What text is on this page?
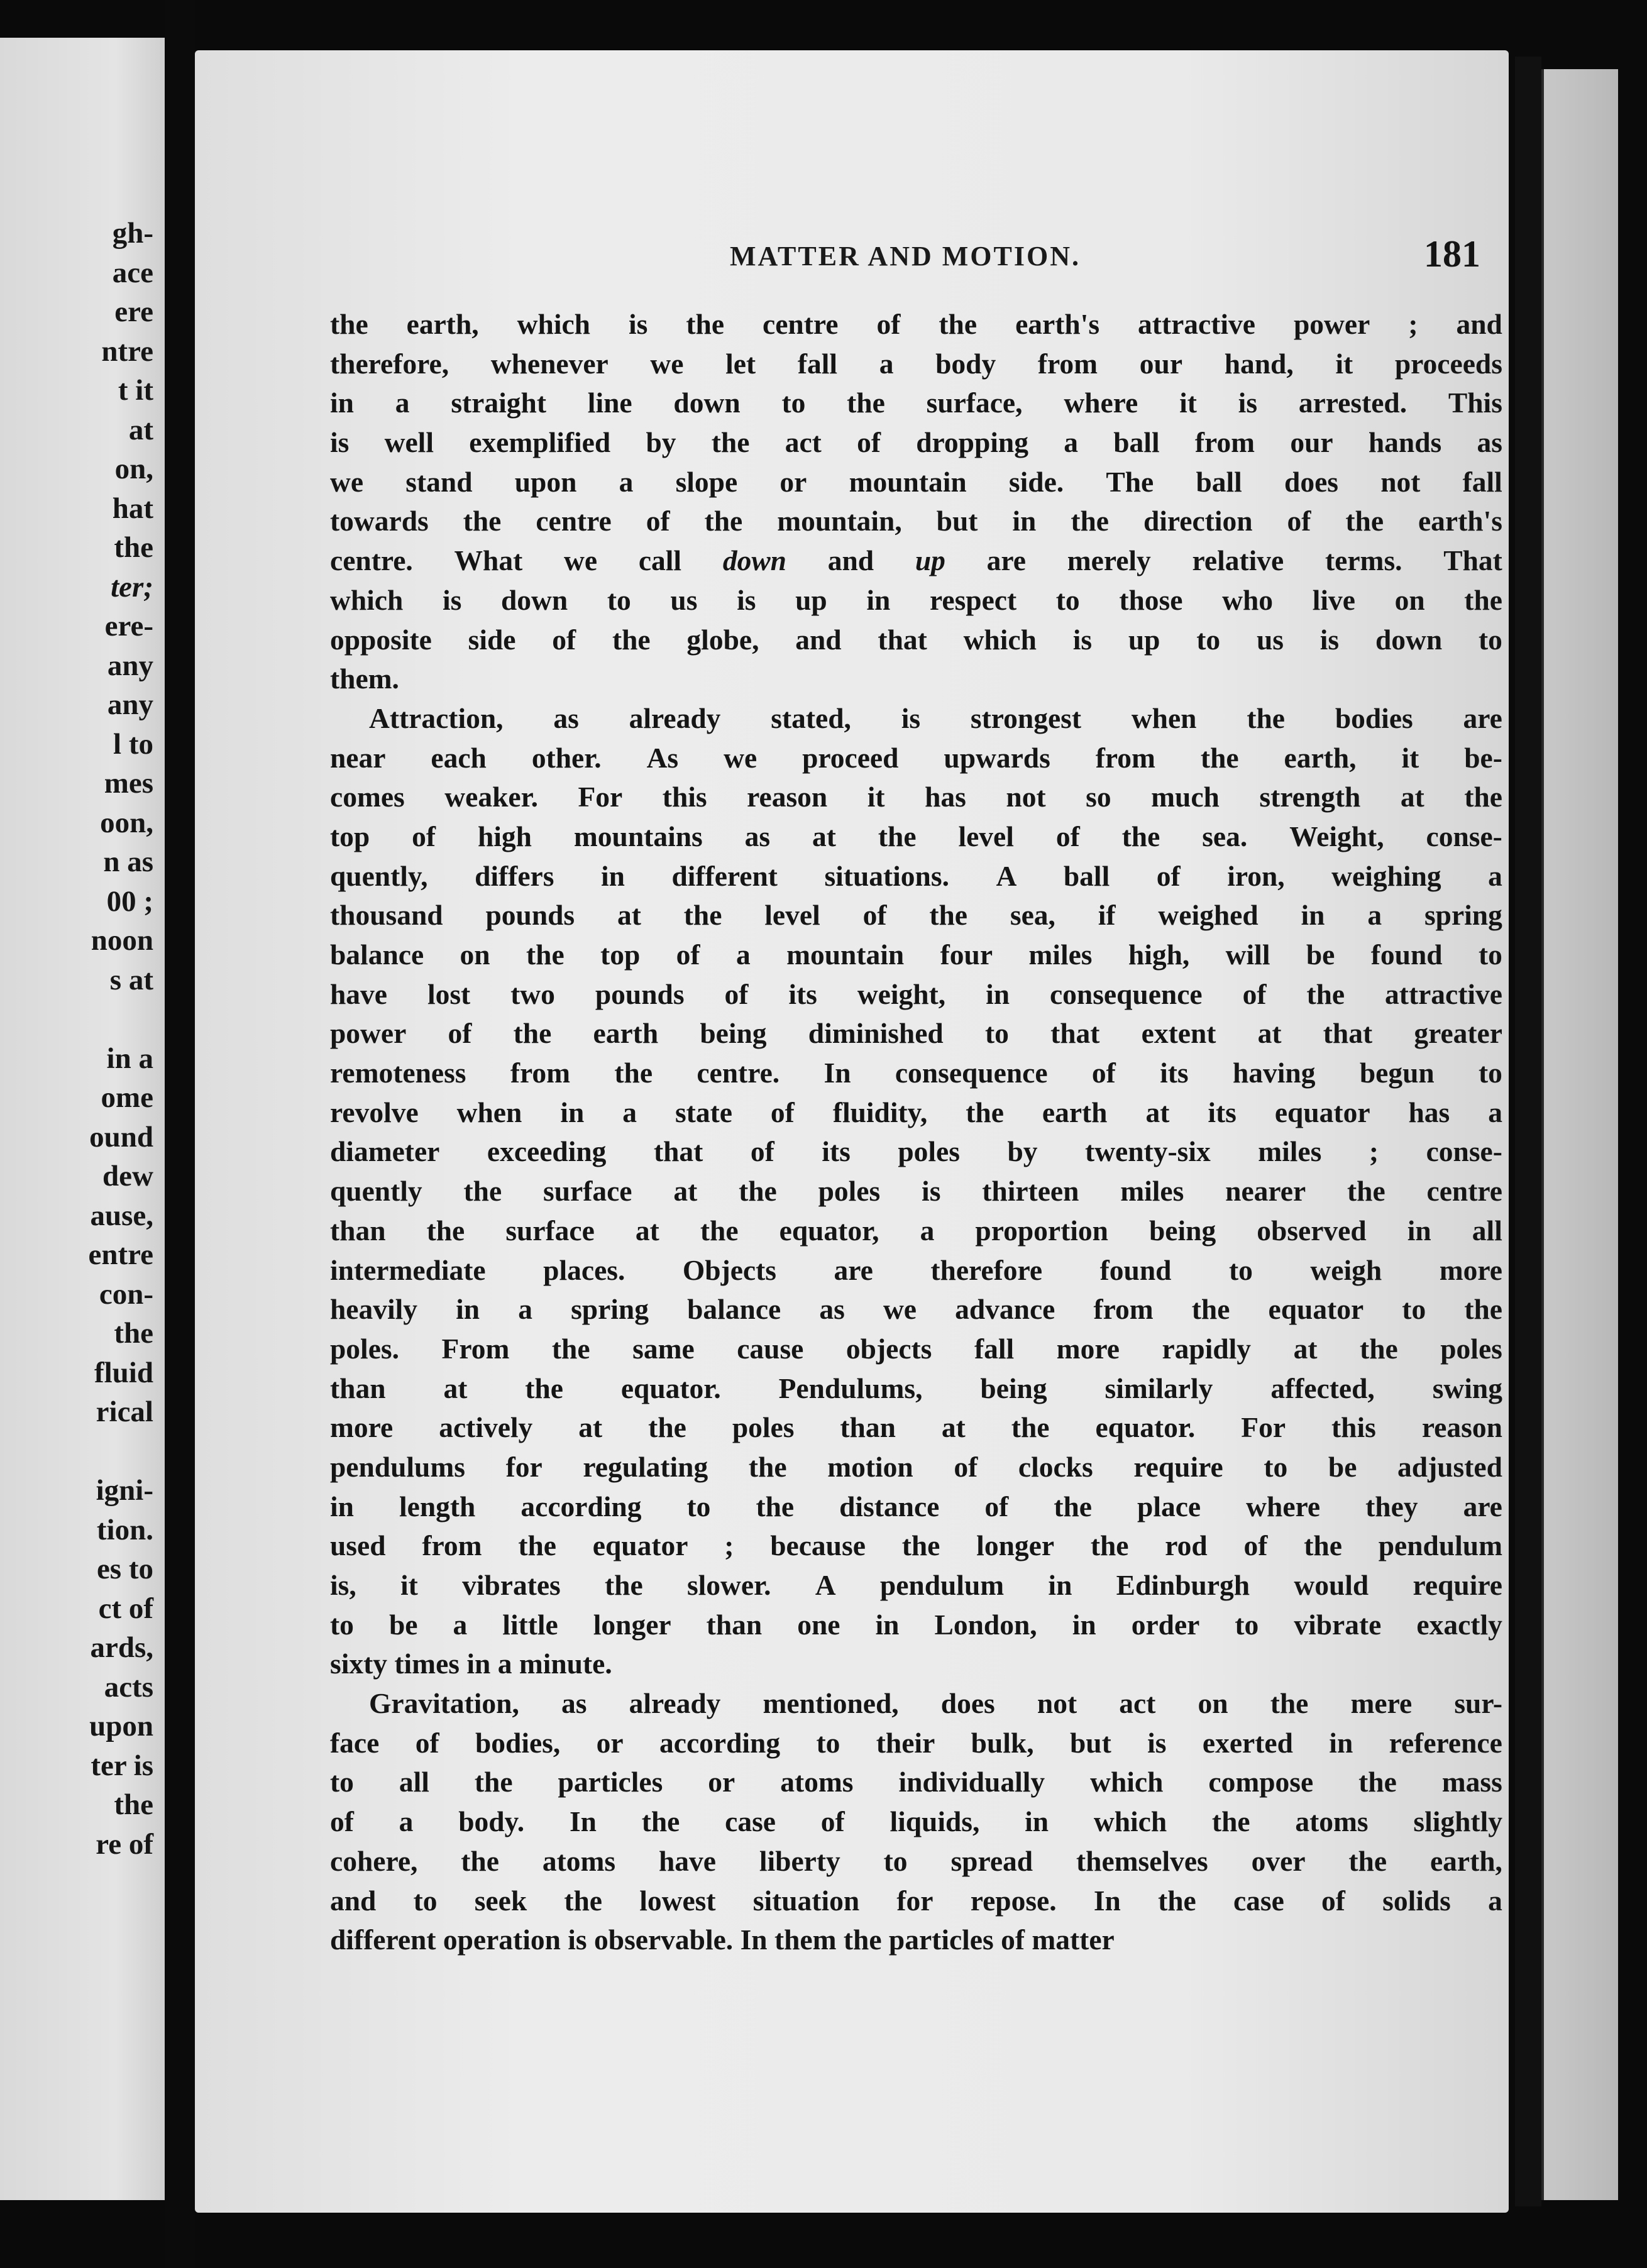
gh-
ace
ere
ntre
t it
at
on,
hat
the
ter;
ere-
any
any
l to
mes
oon,
n as
00 ;
noon
s at

in a
ome
ound
dew
ause,
entre
con-
the
fluid
rical

igni-
tion.
es to
ct of
ards,
acts
upon
ter is
the
re of
MATTER AND MOTION.	181
the earth, which is the centre of the earth's attractive power ; and
therefore, whenever we let fall a body from our hand, it proceeds
in a straight line down to the surface, where it is arrested. This
is well exemplified by the act of dropping a ball from our hands as
we stand upon a slope or mountain side. The ball does not fall
towards the centre of the mountain, but in the direction of the earth's
centre. What we call down and up are merely relative terms. That
which is down to us is up in respect to those who live on the
opposite side of the globe, and that which is up to us is down to
them.
Attraction, as already stated, is strongest when the bodies are
near each other. As we proceed upwards from the earth, it be-
comes weaker. For this reason it has not so much strength at the
top of high mountains as at the level of the sea. Weight, conse-
quently, differs in different situations. A ball of iron, weighing a
thousand pounds at the level of the sea, if weighed in a spring
balance on the top of a mountain four miles high, will be found to
have lost two pounds of its weight, in consequence of the attractive
power of the earth being diminished to that extent at that greater
remoteness from the centre. In consequence of its having begun to
revolve when in a state of fluidity, the earth at its equator has a
diameter exceeding that of its poles by twenty-six miles ; conse-
quently the surface at the poles is thirteen miles nearer the centre
than the surface at the equator, a proportion being observed in all
intermediate places. Objects are therefore found to weigh more
heavily in a spring balance as we advance from the equator to the
poles. From the same cause objects fall more rapidly at the poles
than at the equator. Pendulums, being similarly affected, swing
more actively at the poles than at the equator. For this reason
pendulums for regulating the motion of clocks require to be adjusted
in length according to the distance of the place where they are
used from the equator ; because the longer the rod of the pendulum
is, it vibrates the slower. A pendulum in Edinburgh would require
to be a little longer than one in London, in order to vibrate exactly
sixty times in a minute.
Gravitation, as already mentioned, does not act on the mere sur-
face of bodies, or according to their bulk, but is exerted in reference
to all the particles or atoms individually which compose the mass
of a body. In the case of liquids, in which the atoms slightly
cohere, the atoms have liberty to spread themselves over the earth,
and to seek the lowest situation for repose. In the case of solids a
different operation is observable. In them the particles of matter
